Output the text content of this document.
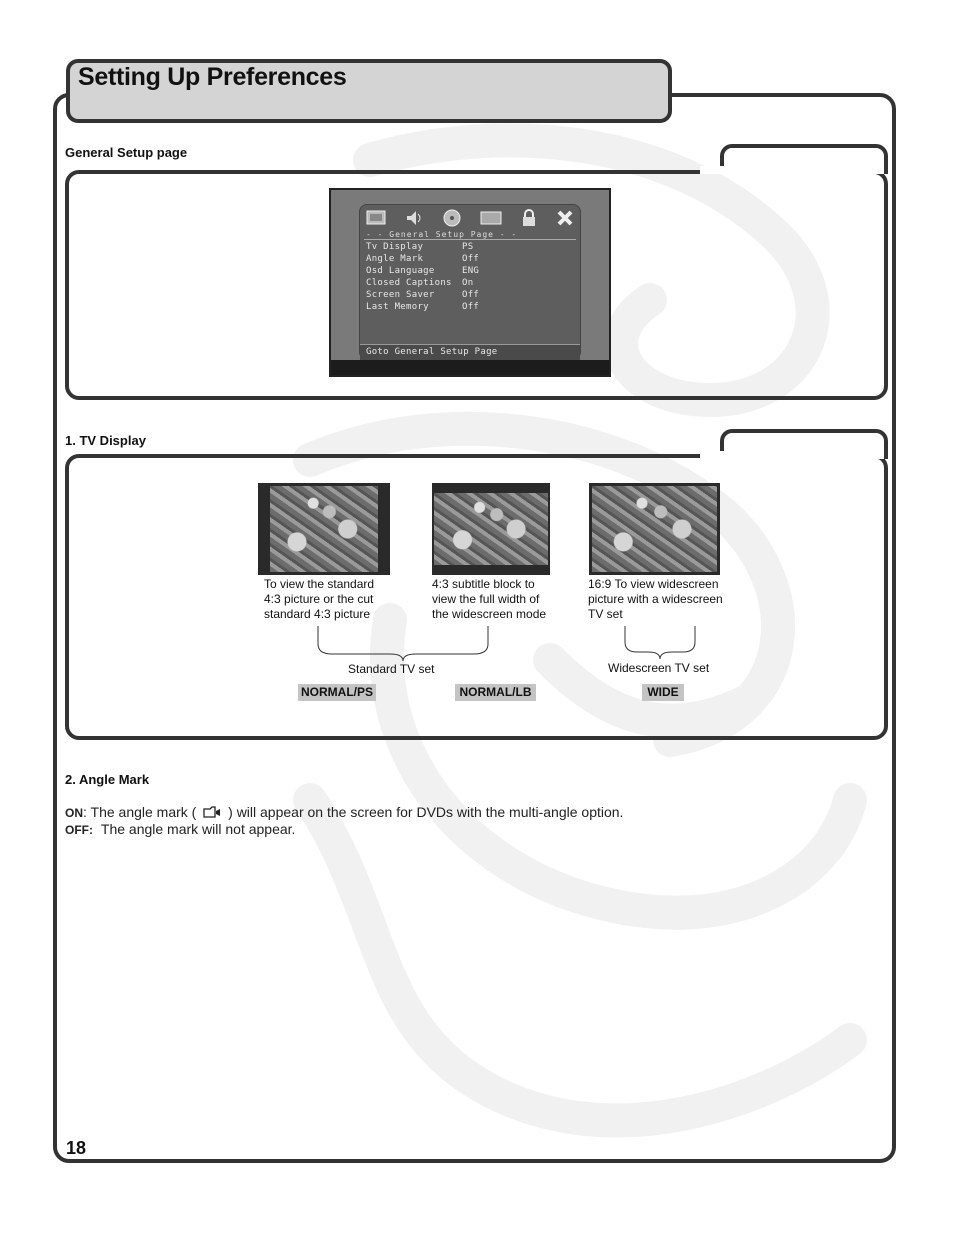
Setting Up Preferences
General Setup page
- - General Setup Page - -
Tv Display	PS
Angle Mark	Off
Osd Language	ENG
Closed Captions	On
Screen Saver	Off
Last Memory	Off
Goto General Setup Page
1. TV Display
To view the standard 4:3 picture or the cut standard 4:3 picture
4:3 subtitle block to view the full width of the widescreen mode
16:9 To view widescreen picture with a widescreen TV set
Standard TV set	Widescreen TV set
NORMAL/PS	NORMAL/LB	WIDE
2. Angle Mark
ON: The angle mark ( ) will appear on the screen for DVDs with the multi-angle option.
OFF: The angle mark will not appear.
18
